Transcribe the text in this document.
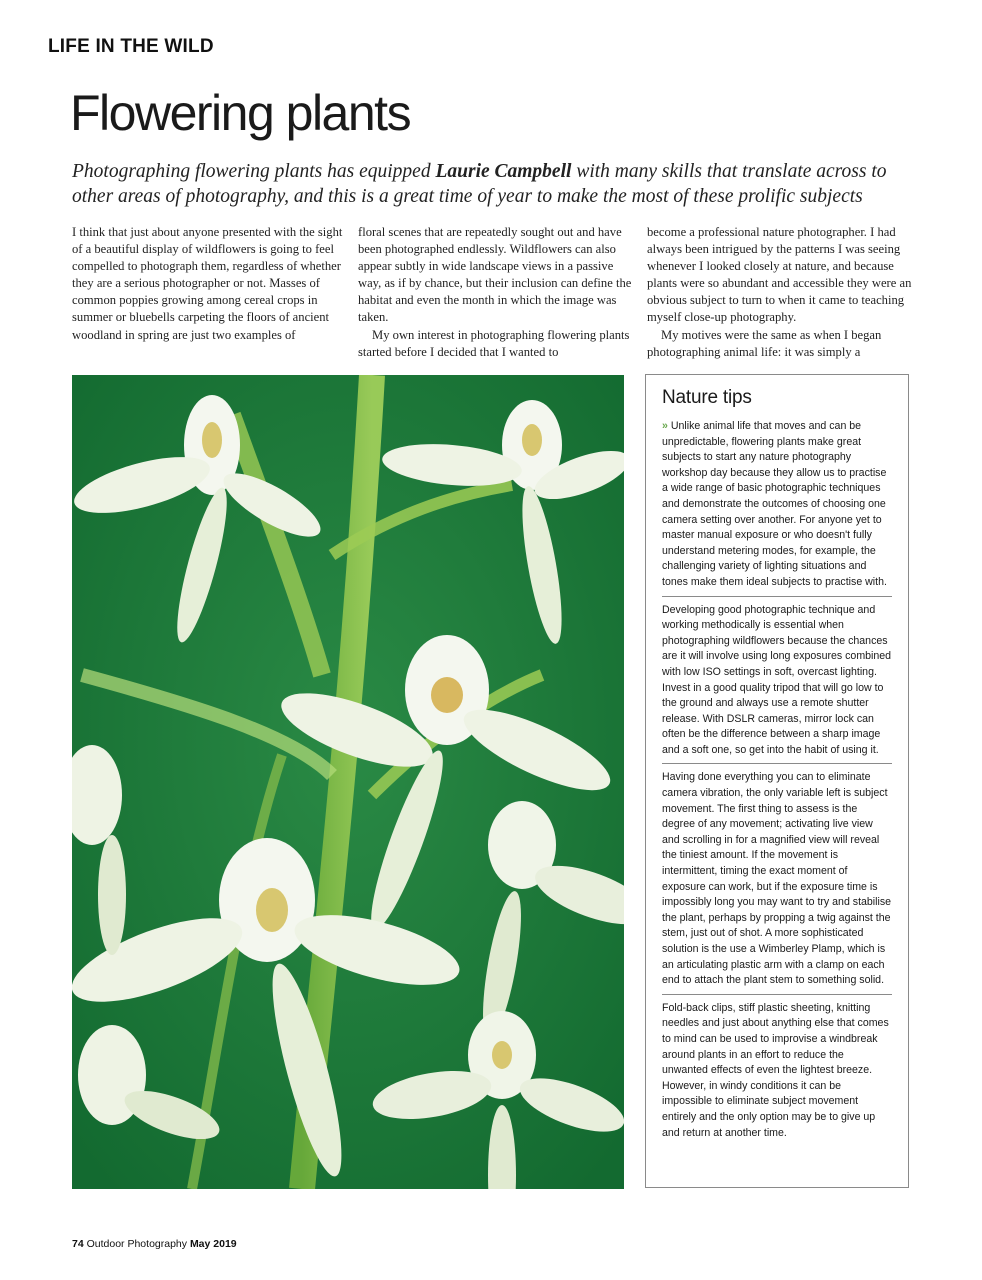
LIFE IN THE WILD
Flowering plants
Photographing flowering plants has equipped Laurie Campbell with many skills that translate across to other areas of photography, and this is a great time of year to make the most of these prolific subjects

I think that just about anyone presented with the sight of a beautiful display of wildflowers is going to feel compelled to photograph them, regardless of whether they are a serious photographer or not. Masses of common poppies growing among cereal crops in summer or bluebells carpeting the floors of ancient woodland in spring are just two examples of

floral scenes that are repeatedly sought out and have been photographed endlessly. Wildflowers can also appear subtly in wide landscape views in a passive way, as if by chance, but their inclusion can define the habitat and even the month in which the image was taken.

My own interest in photographing flowering plants started before I decided that I wanted to

become a professional nature photographer. I had always been intrigued by the patterns I was seeing whenever I looked closely at nature, and because plants were so abundant and accessible they were an obvious subject to turn to when it came to teaching myself close-up photography.

My motives were the same as when I began photographing animal life: it was simply a

Nature tips

» Unlike animal life that moves and can be unpredictable, flowering plants make great subjects to start any nature photography workshop day because they allow us to practise a wide range of basic photographic techniques and demonstrate the outcomes of choosing one camera setting over another. For anyone yet to master manual exposure or who doesn't fully understand metering modes, for example, the challenging variety of lighting situations and tones make them ideal subjects to practise with.

Developing good photographic technique and working methodically is essential when photographing wildflowers because the chances are it will involve using long exposures combined with low ISO settings in soft, overcast lighting. Invest in a good quality tripod that will go low to the ground and always use a remote shutter release. With DSLR cameras, mirror lock can often be the difference between a sharp image and a soft one, so get into the habit of using it.

Having done everything you can to eliminate camera vibration, the only variable left is subject movement. The first thing to assess is the degree of any movement; activating live view and scrolling in for a magnified view will reveal the tiniest amount. If the movement is intermittent, timing the exact moment of exposure can work, but if the exposure time is impossibly long you may want to try and stabilise the plant, perhaps by propping a twig against the stem, just out of shot. A more sophisticated solution is the use a Wimberley Plamp, which is an articulating plastic arm with a clamp on each end to attach the plant stem to something solid.

Fold-back clips, stiff plastic sheeting, knitting needles and just about anything else that comes to mind can be used to improvise a windbreak around plants in an effort to reduce the unwanted effects of even the lightest breeze. However, in windy conditions it can be impossible to eliminate subject movement entirely and the only option may be to give up and return at another time.

74 Outdoor Photography May 2019
